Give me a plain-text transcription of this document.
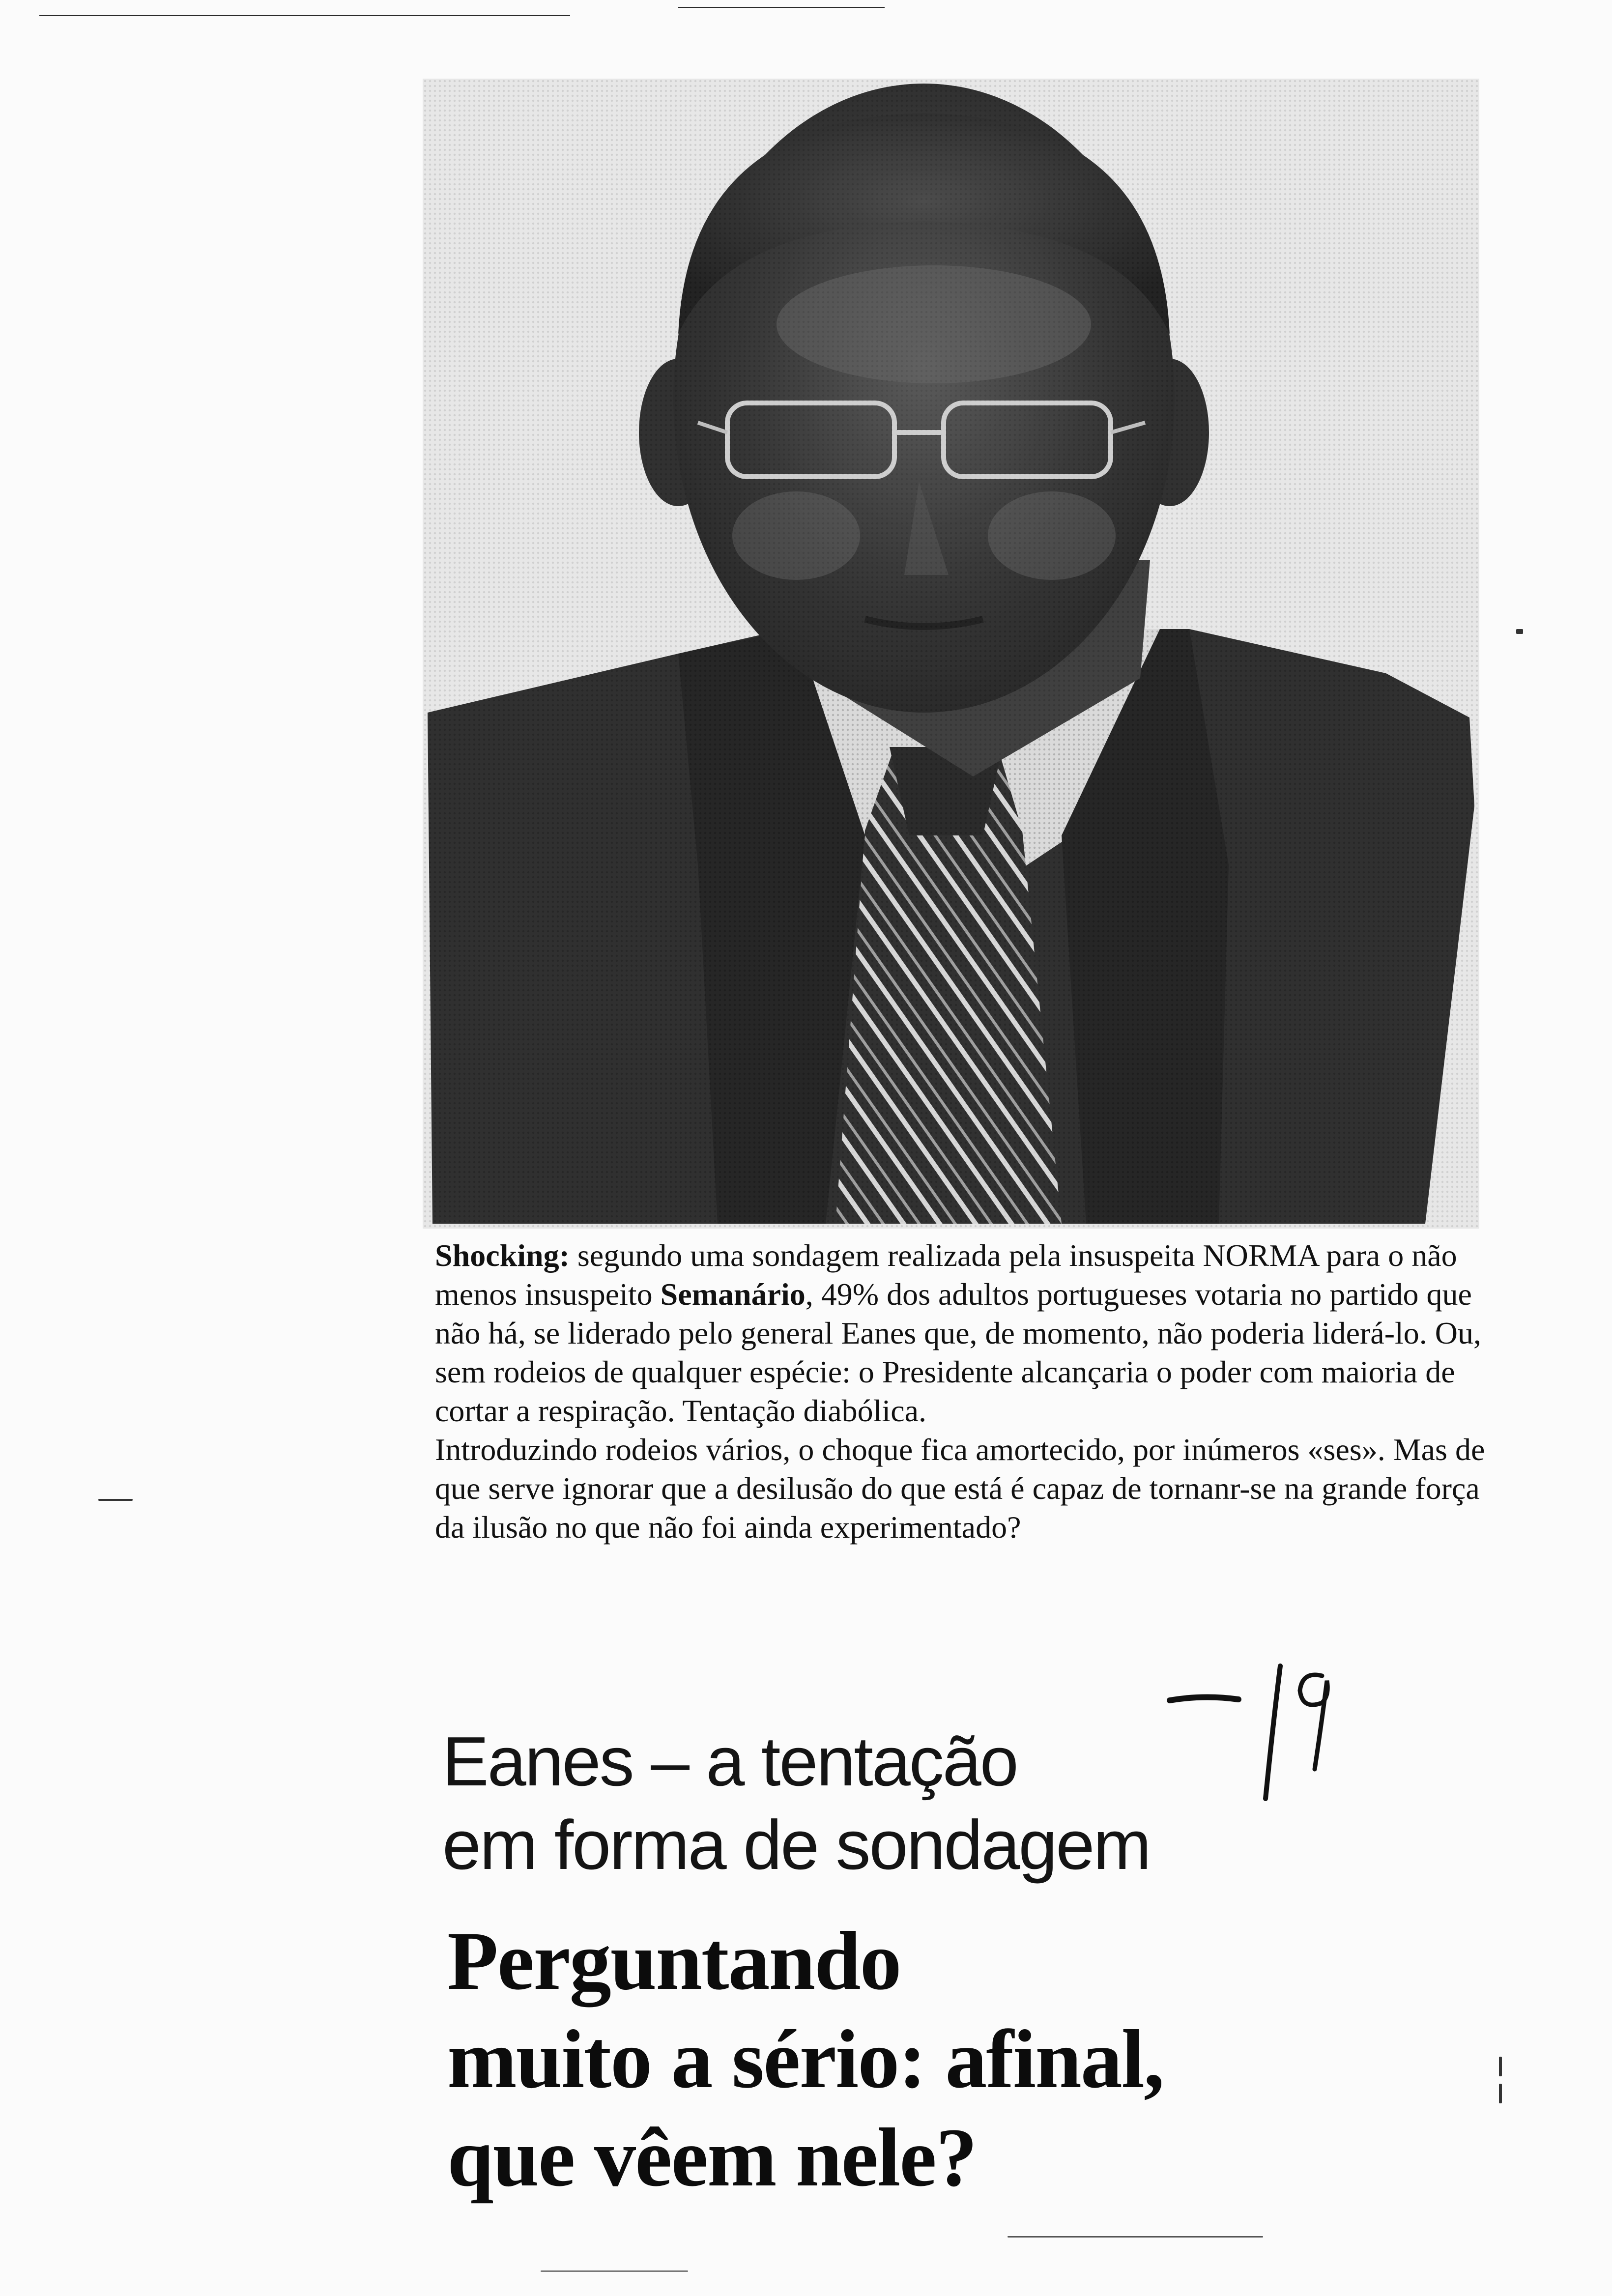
Shocking: segundo uma sondagem realizada pela insuspeita NORMA para o não menos insuspeito Semanário, 49% dos adultos portugueses votaria no partido que não há, se liderado pelo general Eanes que, de momento, não poderia liderá-lo. Ou, sem rodeios de qualquer espécie: o Presidente alcançaria o poder com maioria de cortar a respiração. Tentação diabólica.

Introduzindo rodeios vários, o choque fica amortecido, por inúmeros «ses». Mas de que serve ignorar que a desilusão do que está é capaz de tornanr-se na grande força da ilusão no que não foi ainda experimentado?

Eanes – a tentação
em forma de sondagem
Perguntando
muito a sério: afinal,
que vêem nele?
